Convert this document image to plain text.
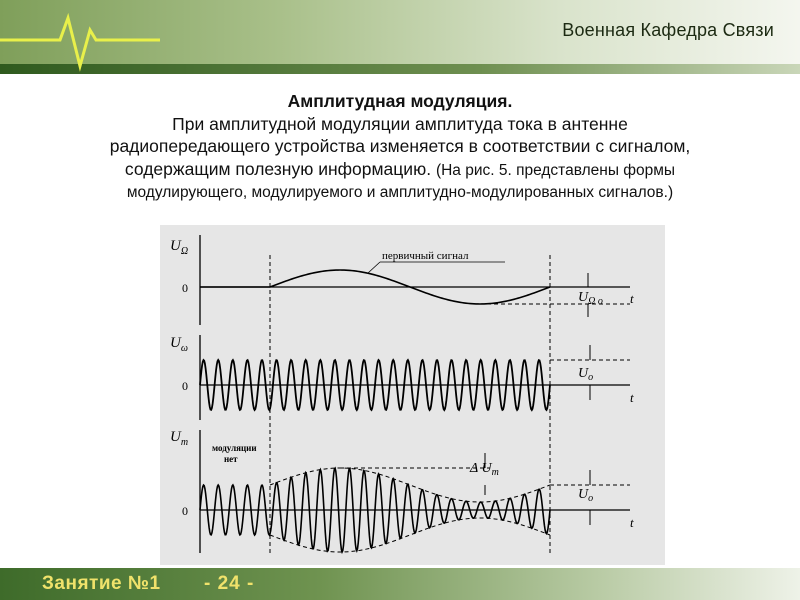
Военная Кафедра Связи
Амплитудная модуляция.
При амплитудной модуляции амплитуда тока в антенне
радиопередающего устройства изменяется в соответствии с сигналом,
содержащим полезную информацию. (На рис. 5. представлены формы
модулирующего, модулируемого и амплитудно-модулированных сигналов.)
$U_\Omega$
0
t
первичный сигнал
$U_{\Omega о}$
$U_\omega$
0
t
$U_о$
$U_m$
0
t
модуляции
нет
Δ $U_m$
$U_о$
Занятие №1 - 24 -
